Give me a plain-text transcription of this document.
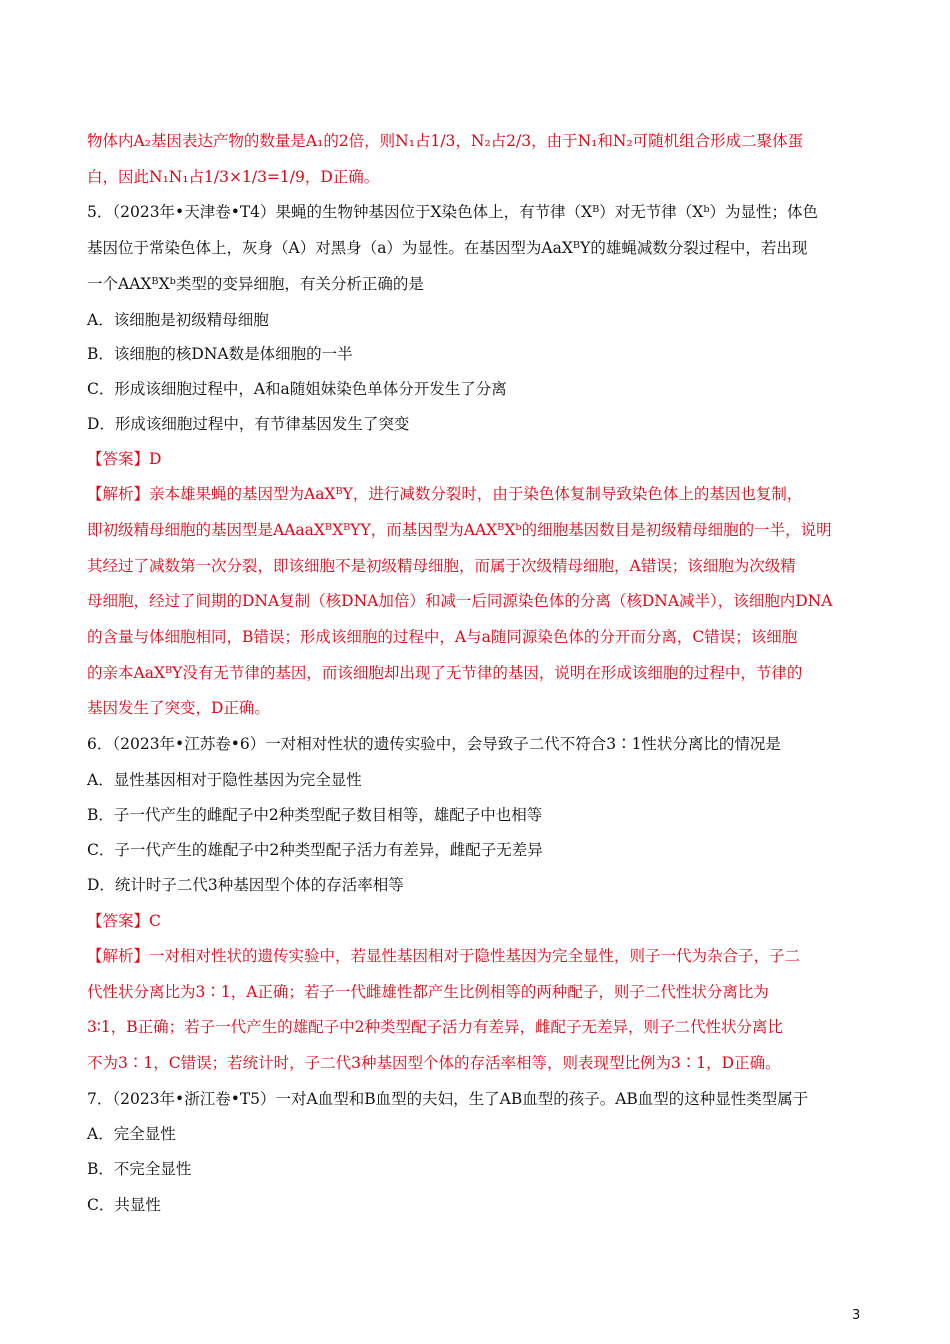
物体内A₂基因表达产物的数量是A₁的2倍，则N₁占1/3，N₂占2/3，由于N₁和N₂可随机组合形成二聚体蛋
白，因此N₁N₁占1/3×1/3=1/9，D正确。
5．（2023年•天津卷•T4）果蝇的生物钟基因位于X染色体上，有节律（Xᴮ）对无节律（Xᵇ）为显性；体色
基因位于常染色体上，灰身（A）对黑身（a）为显性。在基因型为AaXᴮY的雄蝇减数分裂过程中，若出现
一个AAXᴮXᵇ类型的变异细胞，有关分析正确的是
A．该细胞是初级精母细胞
B．该细胞的核DNA数是体细胞的一半
C．形成该细胞过程中，A和a随姐妹染色单体分开发生了分离
D．形成该细胞过程中，有节律基因发生了突变
【答案】D
【解析】亲本雄果蝇的基因型为AaXᴮY，进行减数分裂时，由于染色体复制导致染色体上的基因也复制，
即初级精母细胞的基因型是AAaaXᴮXᴮYY，而基因型为AAXᴮXᵇ的细胞基因数目是初级精母细胞的一半，说明
其经过了减数第一次分裂，即该细胞不是初级精母细胞，而属于次级精母细胞，A错误；该细胞为次级精
母细胞，经过了间期的DNA复制（核DNA加倍）和减一后同源染色体的分离（核DNA减半），该细胞内DNA
的含量与体细胞相同，B错误；形成该细胞的过程中，A与a随同源染色体的分开而分离，C错误；该细胞
的亲本AaXᴮY没有无节律的基因，而该细胞却出现了无节律的基因，说明在形成该细胞的过程中，节律的
基因发生了突变，D正确。
6．（2023年•江苏卷•6）一对相对性状的遗传实验中，会导致子二代不符合3∶1性状分离比的情况是
A．显性基因相对于隐性基因为完全显性
B．子一代产生的雌配子中2种类型配子数目相等，雄配子中也相等
C．子一代产生的雄配子中2种类型配子活力有差异，雌配子无差异
D．统计时子二代3种基因型个体的存活率相等
【答案】C
【解析】一对相对性状的遗传实验中，若显性基因相对于隐性基因为完全显性，则子一代为杂合子，子二
代性状分离比为3∶1，A正确；若子一代雌雄性都产生比例相等的两种配子，则子二代性状分离比为
3∶1，B正确；若子一代产生的雄配子中2种类型配子活力有差异，雌配子无差异，则子二代性状分离比
不为3∶1，C错误；若统计时，子二代3种基因型个体的存活率相等，则表现型比例为3∶1，D正确。
7．（2023年•浙江卷•T5）一对A血型和B血型的夫妇，生了AB血型的孩子。AB血型的这种显性类型属于
A．完全显性
B．不完全显性
C．共显性
3
